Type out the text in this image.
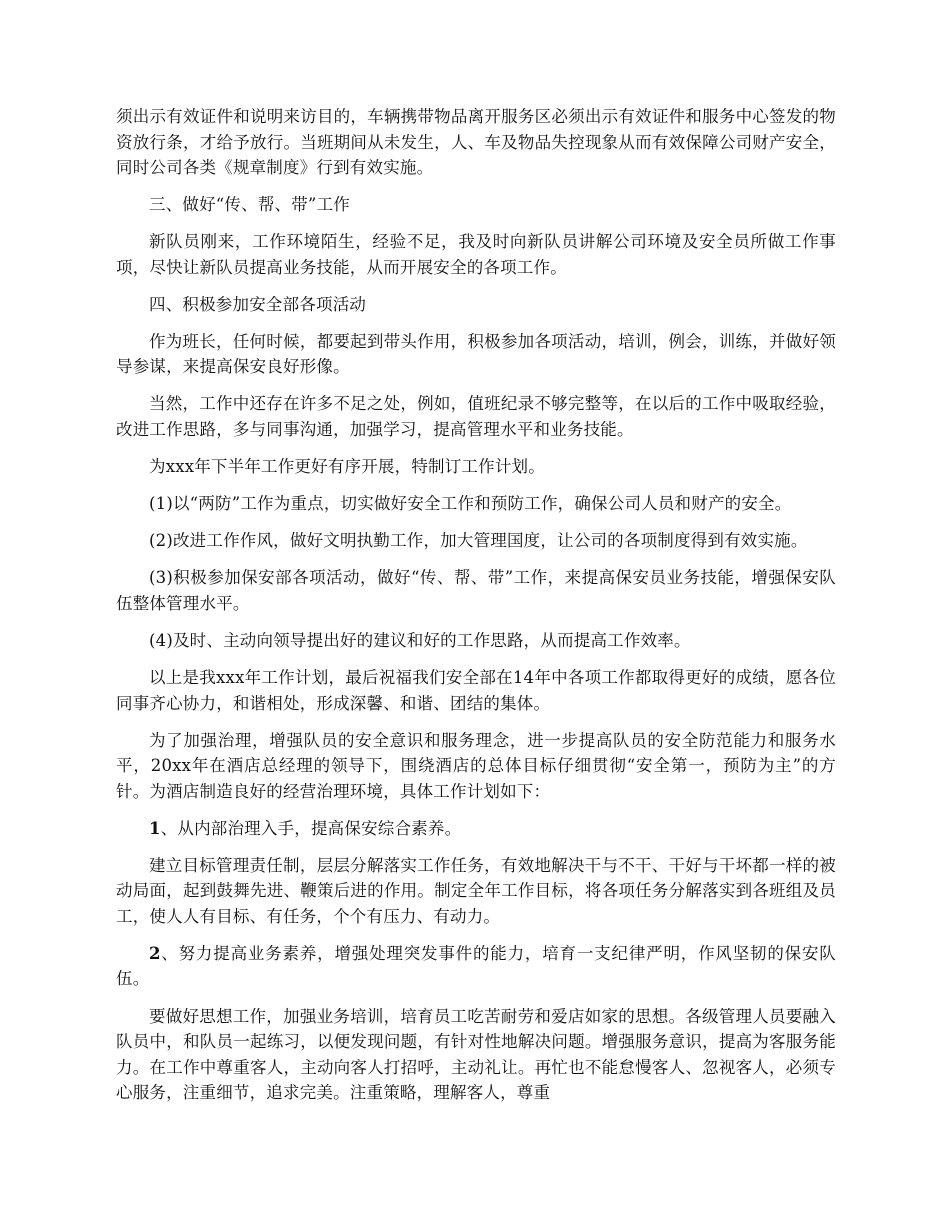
须出示有效证件和说明来访目的，车辆携带物品离开服务区必须出示有效证件和服务中心签发的物资放行条，才给予放行。当班期间从未发生，人、车及物品失控现象从而有效保障公司财产安全，同时公司各类《规章制度》行到有效实施。

三、做好“传、帮、带”工作

新队员刚来，工作环境陌生，经验不足，我及时向新队员讲解公司环境及安全员所做工作事项，尽快让新队员提高业务技能，从而开展安全的各项工作。

四、积极参加安全部各项活动

作为班长，任何时候，都要起到带头作用，积极参加各项活动，培训，例会，训练，并做好领导参谋，来提高保安良好形像。

当然，工作中还存在许多不足之处，例如，值班纪录不够完整等，在以后的工作中吸取经验，改进工作思路，多与同事沟通，加强学习，提高管理水平和业务技能。

为xxx年下半年工作更好有序开展，特制订工作计划。

(1)以“两防”工作为重点，切实做好安全工作和预防工作，确保公司人员和财产的安全。

(2)改进工作作风，做好文明执勤工作，加大管理国度，让公司的各项制度得到有效实施。

(3)积极参加保安部各项活动，做好“传、帮、带”工作，来提高保安员业务技能，增强保安队伍整体管理水平。

(4)及时、主动向领导提出好的建议和好的工作思路，从而提高工作效率。

以上是我xxx年工作计划，最后祝福我们安全部在14年中各项工作都取得更好的成绩，愿各位同事齐心协力，和谐相处，形成深馨、和谐、团结的集体。

为了加强治理，增强队员的安全意识和服务理念，进一步提高队员的安全防范能力和服务水平，20xx年在酒店总经理的领导下，围绕酒店的总体目标仔细贯彻“安全第一，预防为主”的方针。为酒店制造良好的经营治理环境，具体工作计划如下：

1、从内部治理入手，提高保安综合素养。

建立目标管理责任制，层层分解落实工作任务，有效地解决干与不干、干好与干坏都一样的被动局面，起到鼓舞先进、鞭策后进的作用。制定全年工作目标，将各项任务分解落实到各班组及员工，使人人有目标、有任务，个个有压力、有动力。

2、努力提高业务素养，增强处理突发事件的能力，培育一支纪律严明，作风坚韧的保安队伍。

要做好思想工作，加强业务培训，培育员工吃苦耐劳和爱店如家的思想。各级管理人员要融入队员中，和队员一起练习，以便发现问题，有针对性地解决问题。增强服务意识，提高为客服务能力。在工作中尊重客人，主动向客人打招呼，主动礼让。再忙也不能怠慢客人、忽视客人，必须专心服务，注重细节，追求完美。注重策略，理解客人，尊重
